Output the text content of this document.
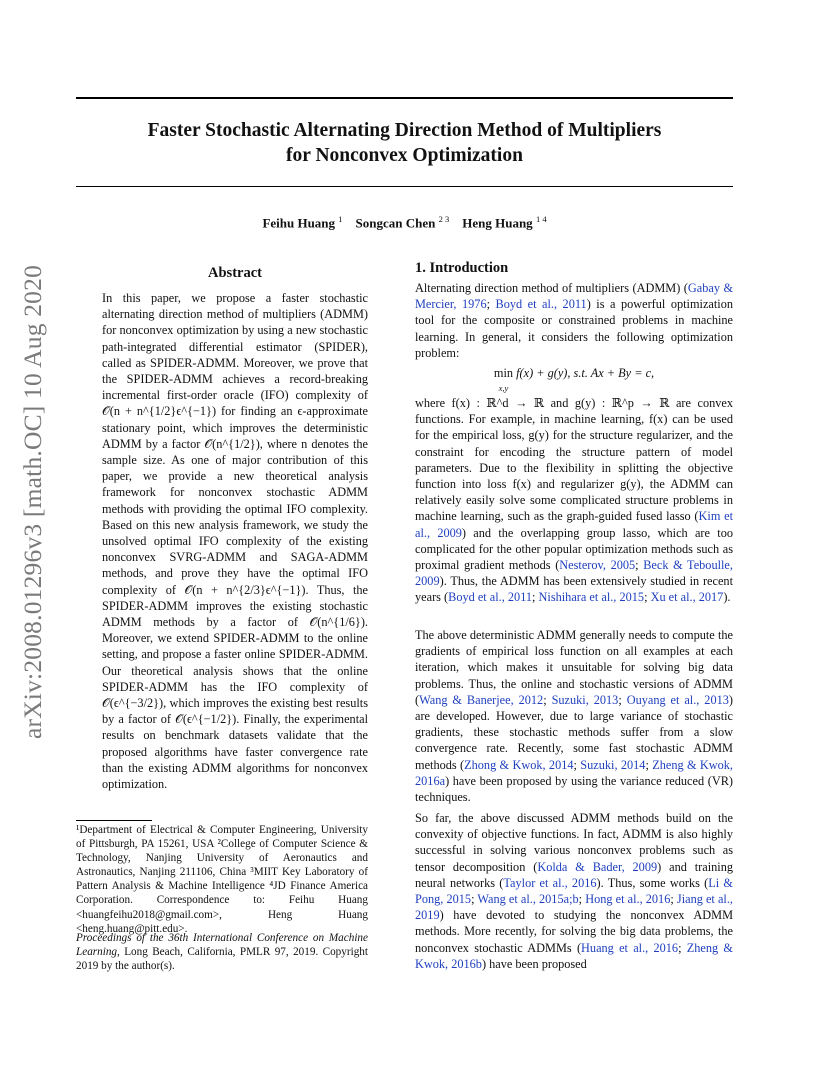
Faster Stochastic Alternating Direction Method of Multipliers
for Nonconvex Optimization
Feihu Huang $^1$ Songcan Chen $^{2 3}$ Heng Huang $^{1 4}$
arXiv:2008.01296v3 [math.OC] 10 Aug 2020	Abstract

In this paper, we propose a faster stochastic alternating direction method of multipliers (ADMM) for nonconvex optimization by using a new stochastic path-integrated differential estimator (SPIDER), called as SPIDER-ADMM. Moreover, we prove that the SPIDER-ADMM achieves a record-breaking incremental first-order oracle (IFO) complexity of 𝒪(n + n^{1/2}ϵ^{−1}) for finding an ϵ-approximate stationary point, which improves the deterministic ADMM by a factor 𝒪(n^{1/2}), where n denotes the sample size. As one of major contribution of this paper, we provide a new theoretical analysis framework for nonconvex stochastic ADMM methods with providing the optimal IFO complexity. Based on this new analysis framework, we study the unsolved optimal IFO complexity of the existing nonconvex SVRG-ADMM and SAGA-ADMM methods, and prove they have the optimal IFO complexity of 𝒪(n + n^{2/3}ϵ^{−1}). Thus, the SPIDER-ADMM improves the existing stochastic ADMM methods by a factor of 𝒪(n^{1/6}). Moreover, we extend SPIDER-ADMM to the online setting, and propose a faster online SPIDER-ADMM. Our theoretical analysis shows that the online SPIDER-ADMM has the IFO complexity of 𝒪(ϵ^{−3/2}), which improves the existing best results by a factor of 𝒪(ϵ^{−1/2}). Finally, the experimental results on benchmark datasets validate that the proposed algorithms have faster convergence rate than the existing ADMM algorithms for nonconvex optimization.

¹Department of Electrical & Computer Engineering, University of Pittsburgh, PA 15261, USA ²College of Computer Science & Technology, Nanjing University of Aeronautics and Astronautics, Nanjing 211106, China ³MIIT Key Laboratory of Pattern Analysis & Machine Intelligence ⁴JD Finance America Corporation. Correspondence to: Feihu Huang <huangfeihu2018@gmail.com>, Heng Huang <heng.huang@pitt.edu>.
Proceedings of the 36th International Conference on Machine Learning, Long Beach, California, PMLR 97, 2019. Copyright 2019 by the author(s).
1. Introduction

Alternating direction method of multipliers (ADMM) (Gabay & Mercier, 1976; Boyd et al., 2011) is a powerful optimization tool for the composite or constrained problems in machine learning. In general, it considers the following optimization problem:

min
x,y f(x) + g(y), s.t. Ax + By = c,

where f(x) : ℝ^d → ℝ and g(y) : ℝ^p → ℝ are convex functions. For example, in machine learning, f(x) can be used for the empirical loss, g(y) for the structure regularizer, and the constraint for encoding the structure pattern of model parameters. Due to the flexibility in splitting the objective function into loss f(x) and regularizer g(y), the ADMM can relatively easily solve some complicated structure problems in machine learning, such as the graph-guided fused lasso (Kim et al., 2009) and the overlapping group lasso, which are too complicated for the other popular optimization methods such as proximal gradient methods (Nesterov, 2005; Beck & Teboulle, 2009). Thus, the ADMM has been extensively studied in recent years (Boyd et al., 2011; Nishihara et al., 2015; Xu et al., 2017).

The above deterministic ADMM generally needs to compute the gradients of empirical loss function on all examples at each iteration, which makes it unsuitable for solving big data problems. Thus, the online and stochastic versions of ADMM (Wang & Banerjee, 2012; Suzuki, 2013; Ouyang et al., 2013) are developed. However, due to large variance of stochastic gradients, these stochastic methods suffer from a slow convergence rate. Recently, some fast stochastic ADMM methods (Zhong & Kwok, 2014; Suzuki, 2014; Zheng & Kwok, 2016a) have been proposed by using the variance reduced (VR) techniques.

So far, the above discussed ADMM methods build on the convexity of objective functions. In fact, ADMM is also highly successful in solving various nonconvex problems such as tensor decomposition (Kolda & Bader, 2009) and training neural networks (Taylor et al., 2016). Thus, some works (Li & Pong, 2015; Wang et al., 2015a;b; Hong et al., 2016; Jiang et al., 2019) have devoted to studying the nonconvex ADMM methods. More recently, for solving the big data problems, the nonconvex stochastic ADMMs (Huang et al., 2016; Zheng & Kwok, 2016b) have been proposed
